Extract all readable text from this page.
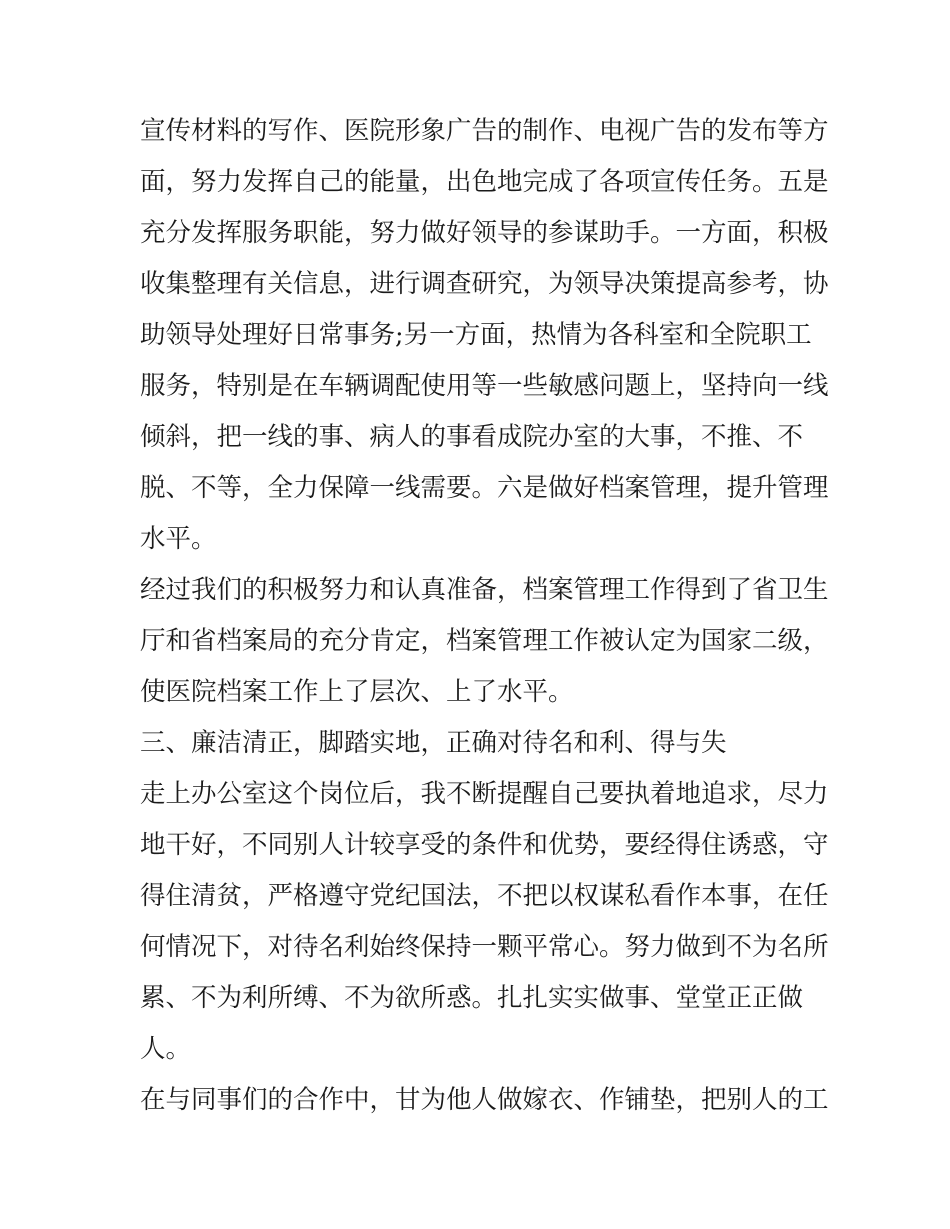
宣传材料的写作、医院形象广告的制作、电视广告的发布等方
面，努力发挥自己的能量，出色地完成了各项宣传任务。五是
充分发挥服务职能，努力做好领导的参谋助手。一方面，积极
收集整理有关信息，进行调查研究，为领导决策提高参考，协
助领导处理好日常事务;另一方面，热情为各科室和全院职工
服务，特别是在车辆调配使用等一些敏感问题上，坚持向一线
倾斜，把一线的事、病人的事看成院办室的大事，不推、不
脱、不等，全力保障一线需要。六是做好档案管理，提升管理
水平。
经过我们的积极努力和认真准备，档案管理工作得到了省卫生
厅和省档案局的充分肯定，档案管理工作被认定为国家二级，
使医院档案工作上了层次、上了水平。
三、廉洁清正，脚踏实地，正确对待名和利、得与失
走上办公室这个岗位后，我不断提醒自己要执着地追求，尽力
地干好，不同别人计较享受的条件和优势，要经得住诱惑，守
得住清贫，严格遵守党纪国法，不把以权谋私看作本事，在任
何情况下，对待名利始终保持一颗平常心。努力做到不为名所
累、不为利所缚、不为欲所惑。扎扎实实做事、堂堂正正做
人。
在与同事们的合作中，甘为他人做嫁衣、作铺垫，把别人的工
